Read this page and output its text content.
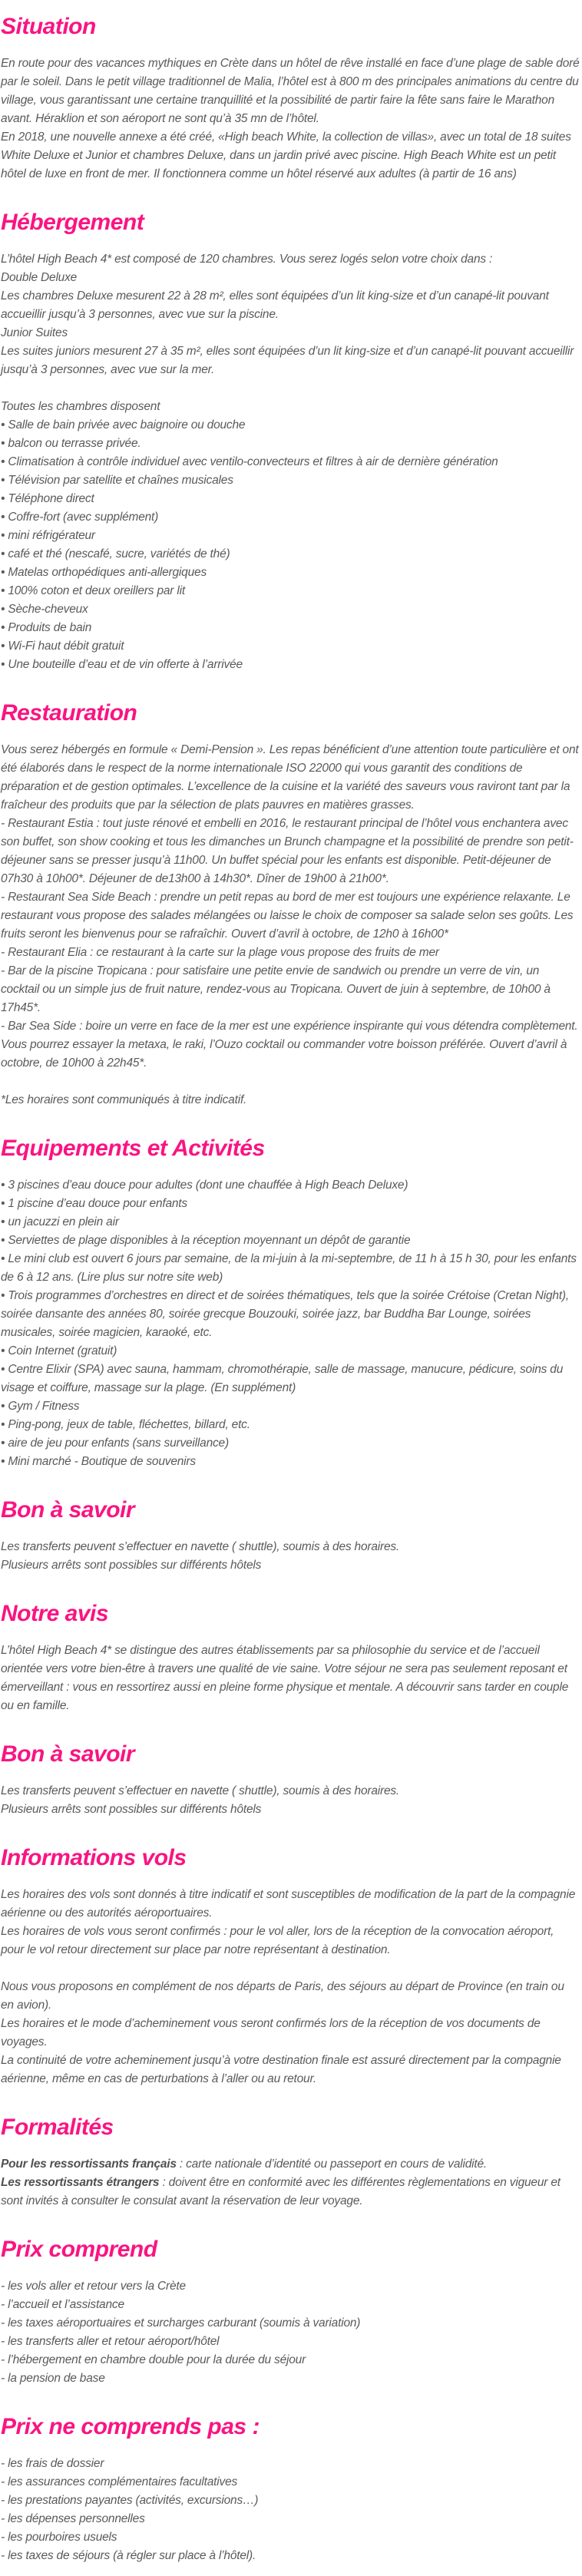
Situation

En route pour des vacances mythiques en Crète dans un hôtel de rêve installé en face d’une plage de sable doré par le soleil. Dans le petit village traditionnel de Malia, l’hôtel est à 800 m des principales animations du centre du village, vous garantissant une certaine tranquillité et la possibilité de partir faire la fête sans faire le Marathon avant. Héraklion et son aéroport ne sont qu’à 35 mn de l’hôtel.

En 2018, une nouvelle annexe a été créé, «High beach White, la collection de villas», avec un total de 18 suites White Deluxe et Junior et chambres Deluxe, dans un jardin privé avec piscine. High Beach White est un petit hôtel de luxe en front de mer. Il fonctionnera comme un hôtel réservé aux adultes (à partir de 16 ans)

Hébergement

L’hôtel High Beach 4* est composé de 120 chambres. Vous serez logés selon votre choix dans :

Double Deluxe

Les chambres Deluxe mesurent 22 à 28 m², elles sont équipées d’un lit king-size et d’un canapé-lit pouvant accueillir jusqu’à 3 personnes, avec vue sur la piscine.

Junior Suites

Les suites juniors mesurent 27 à 35 m², elles sont équipées d’un lit king-size et d’un canapé-lit pouvant accueillir jusqu’à 3 personnes, avec vue sur la mer.

Toutes les chambres disposent

• Salle de bain privée avec baignoire ou douche
• balcon ou terrasse privée.
• Climatisation à contrôle individuel avec ventilo-convecteurs et filtres à air de dernière génération
• Télévision par satellite et chaînes musicales
• Téléphone direct
• Coffre-fort (avec supplément)
• mini réfrigérateur
• café et thé (nescafé, sucre, variétés de thé)
• Matelas orthopédiques anti-allergiques
• 100% coton et deux oreillers par lit
• Sèche-cheveux
• Produits de bain
• Wi-Fi haut débit gratuit
• Une bouteille d’eau et de vin offerte à l’arrivée
Restauration

Vous serez hébergés en formule « Demi-Pension ». Les repas bénéficient d’une attention toute particulière et ont été élaborés dans le respect de la norme internationale ISO 22000 qui vous garantit des conditions de préparation et de gestion optimales. L’excellence de la cuisine et la variété des saveurs vous raviront tant par la fraîcheur des produits que par la sélection de plats pauvres en matières grasses.

- Restaurant Estia : tout juste rénové et embelli en 2016, le restaurant principal de l’hôtel vous enchantera avec son buffet, son show cooking et tous les dimanches un Brunch champagne et la possibilité de prendre son petit-déjeuner sans se presser jusqu’à 11h00. Un buffet spécial pour les enfants est disponible. Petit-déjeuner de 07h30 à 10h00*. Déjeuner de de13h00 à 14h30*. Dîner de 19h00 à 21h00*.

- Restaurant Sea Side Beach : prendre un petit repas au bord de mer est toujours une expérience relaxante. Le restaurant vous propose des salades mélangées ou laisse le choix de composer sa salade selon ses goûts. Les fruits seront les bienvenus pour se rafraîchir. Ouvert d’avril à octobre, de 12h0 à 16h00*

- Restaurant Elia : ce restaurant à la carte sur la plage vous propose des fruits de mer

- Bar de la piscine Tropicana : pour satisfaire une petite envie de sandwich ou prendre un verre de vin, un cocktail ou un simple jus de fruit nature, rendez-vous au Tropicana. Ouvert de juin à septembre, de 10h00 à 17h45*.

- Bar Sea Side : boire un verre en face de la mer est une expérience inspirante qui vous détendra complètement. Vous pourrez essayer la metaxa, le raki, l’Ouzo cocktail ou commander votre boisson préférée. Ouvert d’avril à octobre, de 10h00 à 22h45*.

*Les horaires sont communiqués à titre indicatif.

Equipements et Activités
• 3 piscines d’eau douce pour adultes (dont une chauffée à High Beach Deluxe)
• 1 piscine d’eau douce pour enfants
• un jacuzzi en plein air
• Serviettes de plage disponibles à la réception moyennant un dépôt de garantie
• Le mini club est ouvert 6 jours par semaine, de la mi-juin à la mi-septembre, de 11 h à 15 h 30, pour les enfants de 6 à 12 ans. (Lire plus sur notre site web)
• Trois programmes d’orchestres en direct et de soirées thématiques, tels que la soirée Crétoise (Cretan Night), soirée dansante des années 80, soirée grecque Bouzouki, soirée jazz, bar Buddha Bar Lounge, soirées musicales, soirée magicien, karaoké, etc.
• Coin Internet (gratuit)
• Centre Elixir (SPA) avec sauna, hammam, chromothérapie, salle de massage, manucure, pédicure, soins du visage et coiffure, massage sur la plage. (En supplément)
• Gym / Fitness
• Ping-pong, jeux de table, fléchettes, billard, etc.
• aire de jeu pour enfants (sans surveillance)
• Mini marché - Boutique de souvenirs
Bon à savoir

Les transferts peuvent s’effectuer en navette ( shuttle), soumis à des horaires.

Plusieurs arrêts sont possibles sur différents hôtels

Notre avis

L’hôtel High Beach 4* se distingue des autres établissements par sa philosophie du service et de l’accueil orientée vers votre bien-être à travers une qualité de vie saine. Votre séjour ne sera pas seulement reposant et émerveillant : vous en ressortirez aussi en pleine forme physique et mentale. A découvrir sans tarder en couple ou en famille.

Bon à savoir

Les transferts peuvent s’effectuer en navette ( shuttle), soumis à des horaires.

Plusieurs arrêts sont possibles sur différents hôtels

Informations vols

Les horaires des vols sont donnés à titre indicatif et sont susceptibles de modification de la part de la compagnie aérienne ou des autorités aéroportuaires.

Les horaires de vols vous seront confirmés : pour le vol aller, lors de la réception de la convocation aéroport, pour le vol retour directement sur place par notre représentant à destination.

Nous vous proposons en complément de nos départs de Paris, des séjours au départ de Province (en train ou en avion).

Les horaires et le mode d’acheminement vous seront confirmés lors de la réception de vos documents de voyages.

La continuité de votre acheminement jusqu’à votre destination finale est assuré directement par la compagnie aérienne, même en cas de perturbations à l’aller ou au retour.

Formalités

Pour les ressortissants français : carte nationale d’identité ou passeport en cours de validité.

Les ressortissants étrangers : doivent être en conformité avec les différentes règlementations en vigueur et sont invités à consulter le consulat avant la réservation de leur voyage.

Prix comprend
- les vols aller et retour vers la Crète
- l’accueil et l’assistance
- les taxes aéroportuaires et surcharges carburant (soumis à variation)
- les transferts aller et retour aéroport/hôtel
- l’hébergement en chambre double pour la durée du séjour
- la pension de base
Prix ne comprends pas :
- les frais de dossier
- les assurances complémentaires facultatives
- les prestations payantes (activités, excursions…)
- les dépenses personnelles
- les pourboires usuels
- les taxes de séjours (à régler sur place à l’hôtel).
